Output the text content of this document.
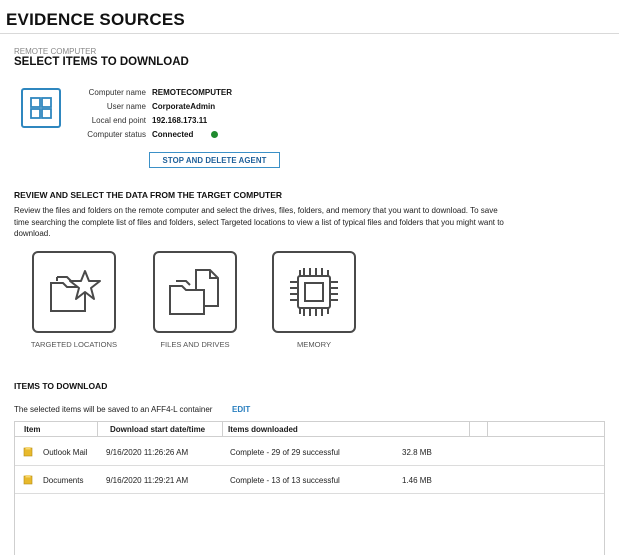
EVIDENCE SOURCES
REMOTE COMPUTER
SELECT ITEMS TO DOWNLOAD
Computer name REMOTECOMPUTER
User name CorporateAdmin
Local end point 192.168.173.11
Computer status Connected
STOP AND DELETE AGENT
REVIEW AND SELECT THE DATA FROM THE TARGET COMPUTER
Review the files and folders on the remote computer and select the drives, files, folders, and memory that you want to download. To save time searching the complete list of files and folders, select Targeted locations to view a list of typical files and folders that you might want to download.
TARGETED LOCATIONS	FILES AND DRIVES	MEMORY
ITEMS TO DOWNLOAD
The selected items will be saved to an AFF4-L container EDIT
Item	Download start date/time	Items downloaded
Outlook Mail 9/16/2020 11:26:26 AM	Complete - 29 of 29 successful	32.8 MB
Documents	9/16/2020 11:29:21 AM	Complete - 13 of 13 successful	1.46 MB
